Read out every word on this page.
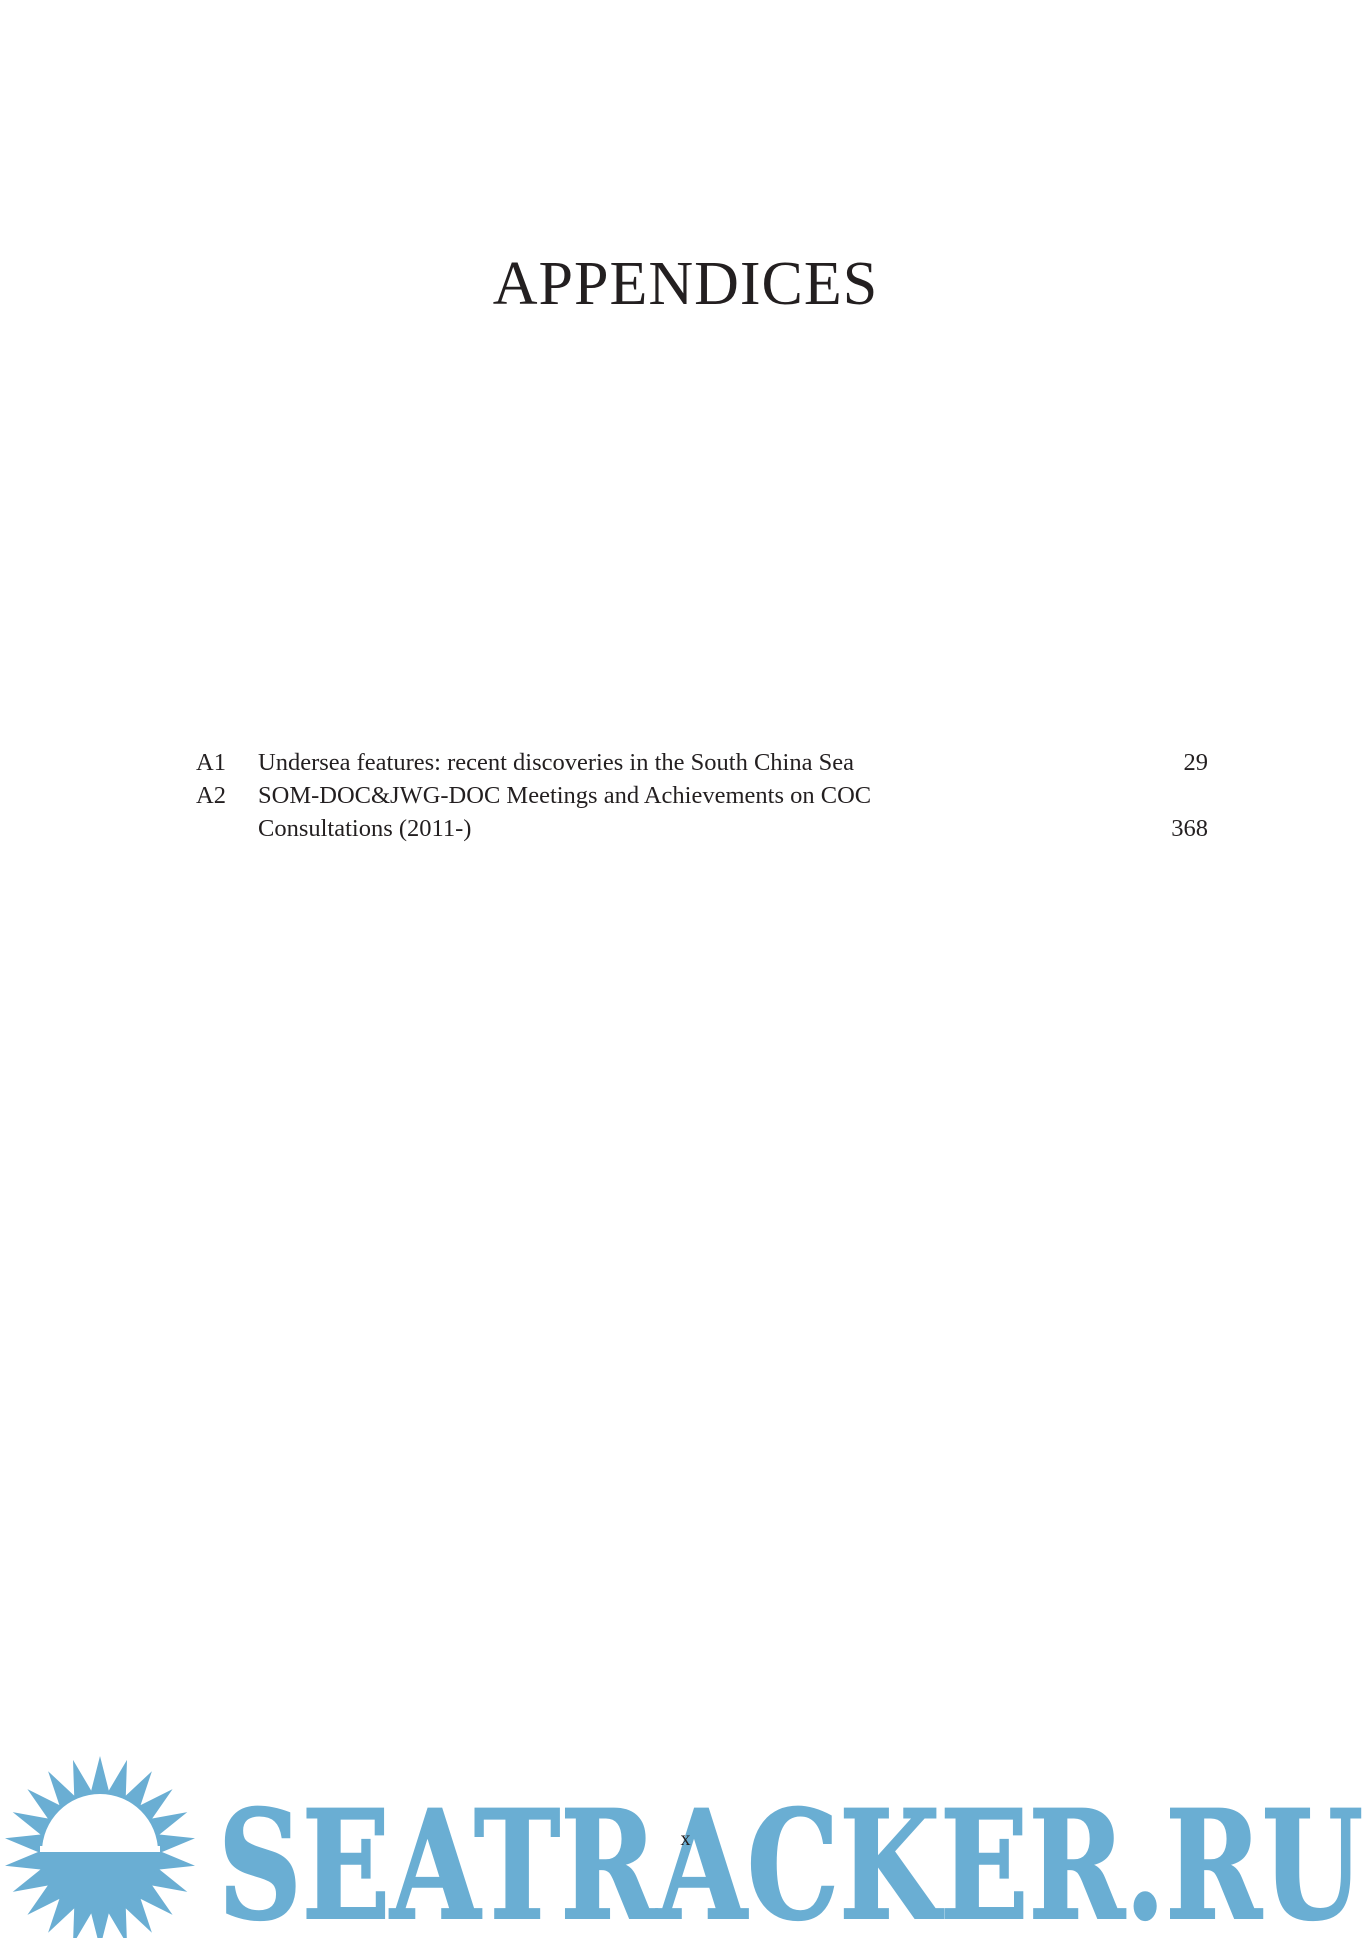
APPENDICES
A1	Undersea features: recent discoveries in the South China Sea	29
A2	SOM-DOC&JWG-DOC Meetings and Achievements on COC
Consultations (2011-)	368
SEATRACKER.RU
x
